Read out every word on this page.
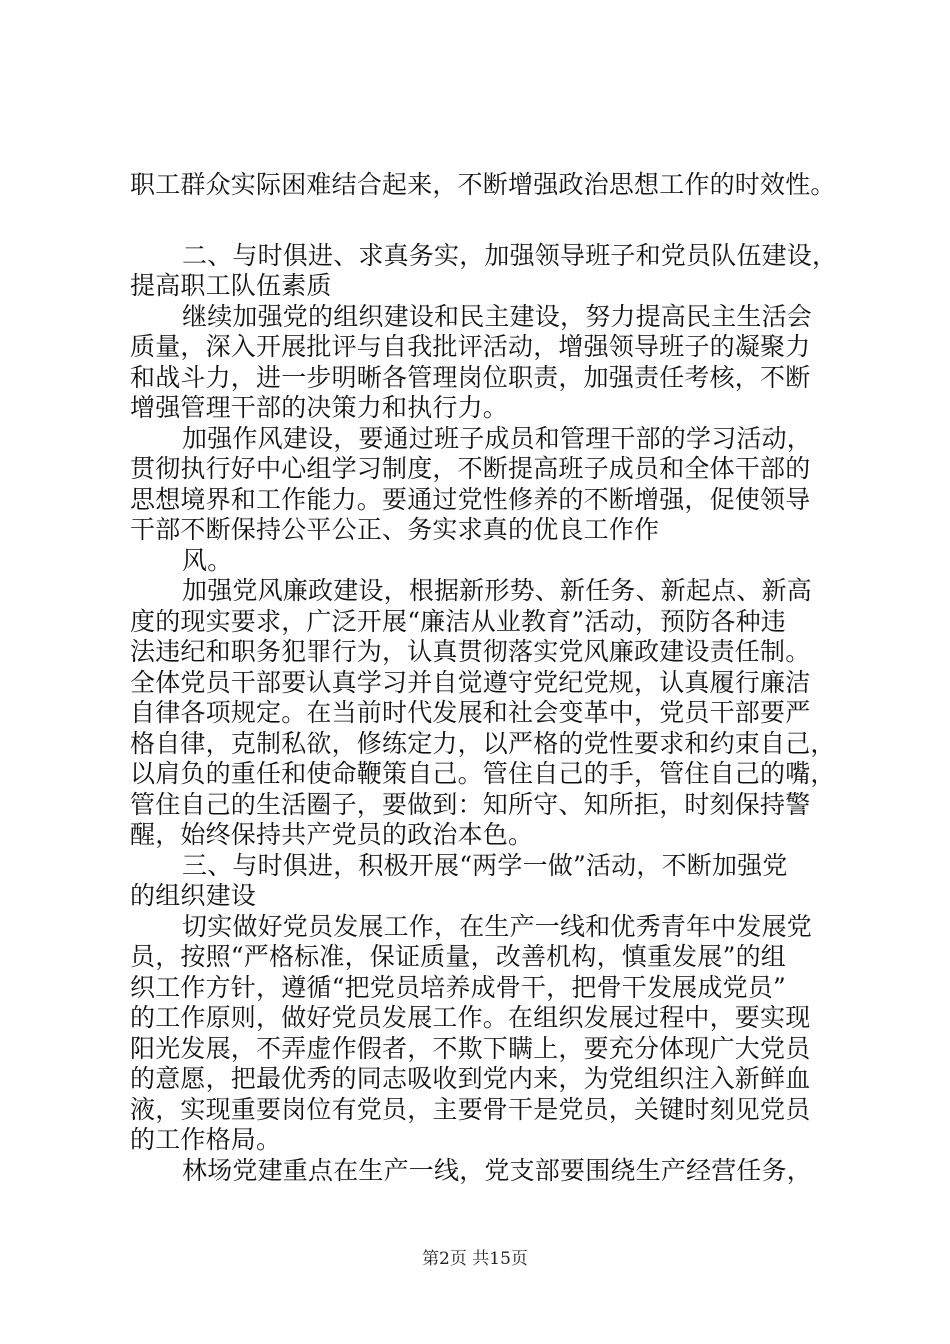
职工群众实际困难结合起来，不断增强政治思想工作的时效性。
二、与时俱进、求真务实，加强领导班子和党员队伍建设，
提高职工队伍素质
继续加强党的组织建设和民主建设，努力提高民主生活会
质量，深入开展批评与自我批评活动，增强领导班子的凝聚力
和战斗力，进一步明晰各管理岗位职责，加强责任考核，不断
增强管理干部的决策力和执行力。
加强作风建设，要通过班子成员和管理干部的学习活动，
贯彻执行好中心组学习制度，不断提高班子成员和全体干部的
思想境界和工作能力。要通过党性修养的不断增强，促使领导
干部不断保持公平公正、务实求真的优良工作作
风。
加强党风廉政建设，根据新形势、新任务、新起点、新高
度的现实要求，广泛开展“廉洁从业教育”活动，预防各种违
法违纪和职务犯罪行为，认真贯彻落实党风廉政建设责任制。
全体党员干部要认真学习并自觉遵守党纪党规，认真履行廉洁
自律各项规定。在当前时代发展和社会变革中，党员干部要严
格自律，克制私欲，修练定力，以严格的党性要求和约束自己，
以肩负的重任和使命鞭策自己。管住自己的手，管住自己的嘴，
管住自己的生活圈子，要做到：知所守、知所拒，时刻保持警
醒，始终保持共产党员的政治本色。
三、与时俱进，积极开展“两学一做”活动，不断加强党
的组织建设
切实做好党员发展工作，在生产一线和优秀青年中发展党
员，按照“严格标准，保证质量，改善机构，慎重发展”的组
织工作方针，遵循“把党员培养成骨干，把骨干发展成党员”
的工作原则，做好党员发展工作。在组织发展过程中，要实现
阳光发展，不弄虚作假者，不欺下瞒上，要充分体现广大党员
的意愿，把最优秀的同志吸收到党内来，为党组织注入新鲜血
液，实现重要岗位有党员，主要骨干是党员，关键时刻见党员
的工作格局。
林场党建重点在生产一线，党支部要围绕生产经营任务，
第2页 共15页
